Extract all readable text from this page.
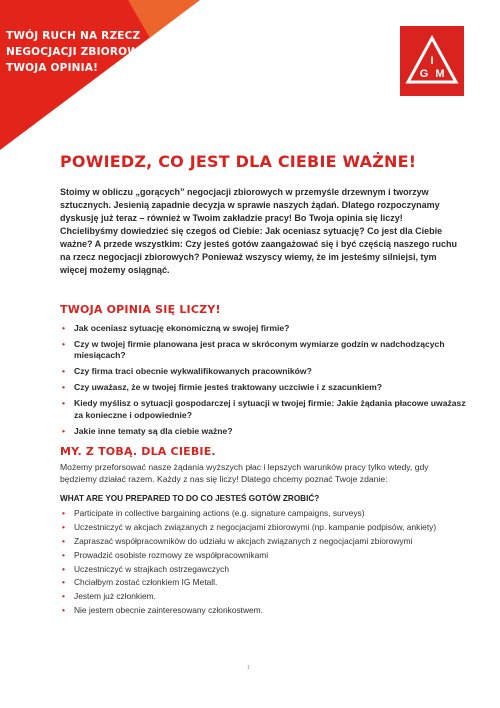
TWÓJ RUCH NA RZECZ
NEGOCJACJI ZBIOROWYCH.
TWOJA OPINIA!
I
G M
POWIEDZ, CO JEST DLA CIEBIE WAŻNE!

Stoimy w obliczu „gorących” negocjacji zbiorowych w przemyśle drzewnym i tworzyw sztucznych. Jesienią zapadnie decyzja w sprawie naszych żądań. Dlatego rozpoczynamy dyskusję już teraz – również w Twoim zakładzie pracy! Bo Twoja opinia się liczy!

Chcielibyśmy dowiedzieć się czegoś od Ciebie: Jak oceniasz sytuację? Co jest dla Ciebie ważne? A przede wszystkim: Czy jesteś gotów zaangażować się i być częścią naszego ruchu na rzecz negocjacji zbiorowych? Ponieważ wszyscy wiemy, że im jesteśmy silniejsi, tym więcej możemy osiągnąć.

TWOJA OPINIA SIĘ LICZY!
• Jak oceniasz sytuację ekonomiczną w swojej firmie?
• Czy w twojej firmie planowana jest praca w skróconym wymiarze godzin w nadchodzących miesiącach?
• Czy firma traci obecnie wykwalifikowanych pracowników?
• Czy uważasz, że w twojej firmie jesteś traktowany uczciwie i z szacunkiem?
• Kiedy myślisz o sytuacji gospodarczej i sytuacji w twojej firmie: Jakie żądania płacowe uważasz za konieczne i odpowiednie?
• Jakie inne tematy są dla ciebie ważne?
MY. Z TOBĄ. DLA CIEBIE.

Możemy przeforsować nasze żądania wyższych płac i lepszych warunków pracy tylko wtedy, gdy będziemy działać razem. Każdy z nas się liczy! Dlatego chcemy poznać Twoje zdanie:

WHAT ARE YOU PREPARED TO DO CO JESTEŚ GOTÓW ZROBIĆ?
• Participate in collective bargaining actions (e.g. signature campaigns, surveys)
• Uczestniczyć w akcjach związanych z negocjacjami zbiorowymi (np. kampanie podpisów, ankiety)
• Zapraszać współpracowników do udziału w akcjach związanych z negocjacjami zbiorowymi
• Prowadzić osobiste rozmowy ze współpracownikami
• Uczestniczyć w strajkach ostrzegawczych
• Chciałbym zostać członkiem IG Metall.
• Jestem już członkiem.
• Nie jestem obecnie zainteresowany członkostwem.
1
